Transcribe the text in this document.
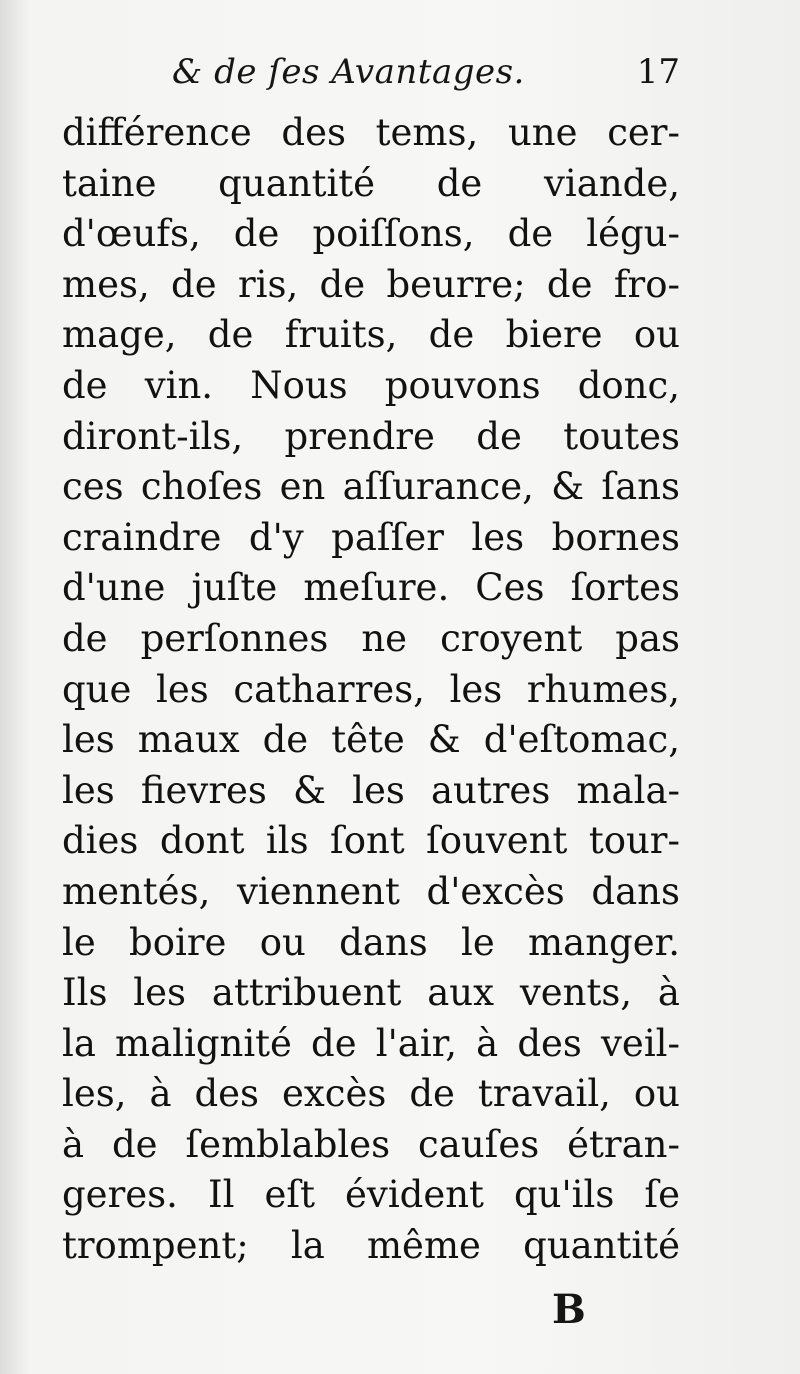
& de ſes Avantages.	17
différence des tems, une cer-
taine quantité de viande,
d'œufs, de poiſſons, de légu-
mes, de ris, de beurre; de fro-
mage, de fruits, de biere ou
de vin. Nous pouvons donc,
diront-ils, prendre de toutes
ces choſes en aſſurance, & ſans
craindre d'y paſſer les bornes
d'une juſte meſure. Ces ſortes
de perſonnes ne croyent pas
que les catharres, les rhumes,
les maux de tête & d'eſtomac,
les fievres & les autres mala-
dies dont ils ſont ſouvent tour-
mentés, viennent d'excès dans
le boire ou dans le manger.
Ils les attribuent aux vents, à
la malignité de l'air, à des veil-
les, à des excès de travail, ou
à de ſemblables cauſes étran-
geres. Il eſt évident qu'ils ſe
trompent; la même quantité
B
